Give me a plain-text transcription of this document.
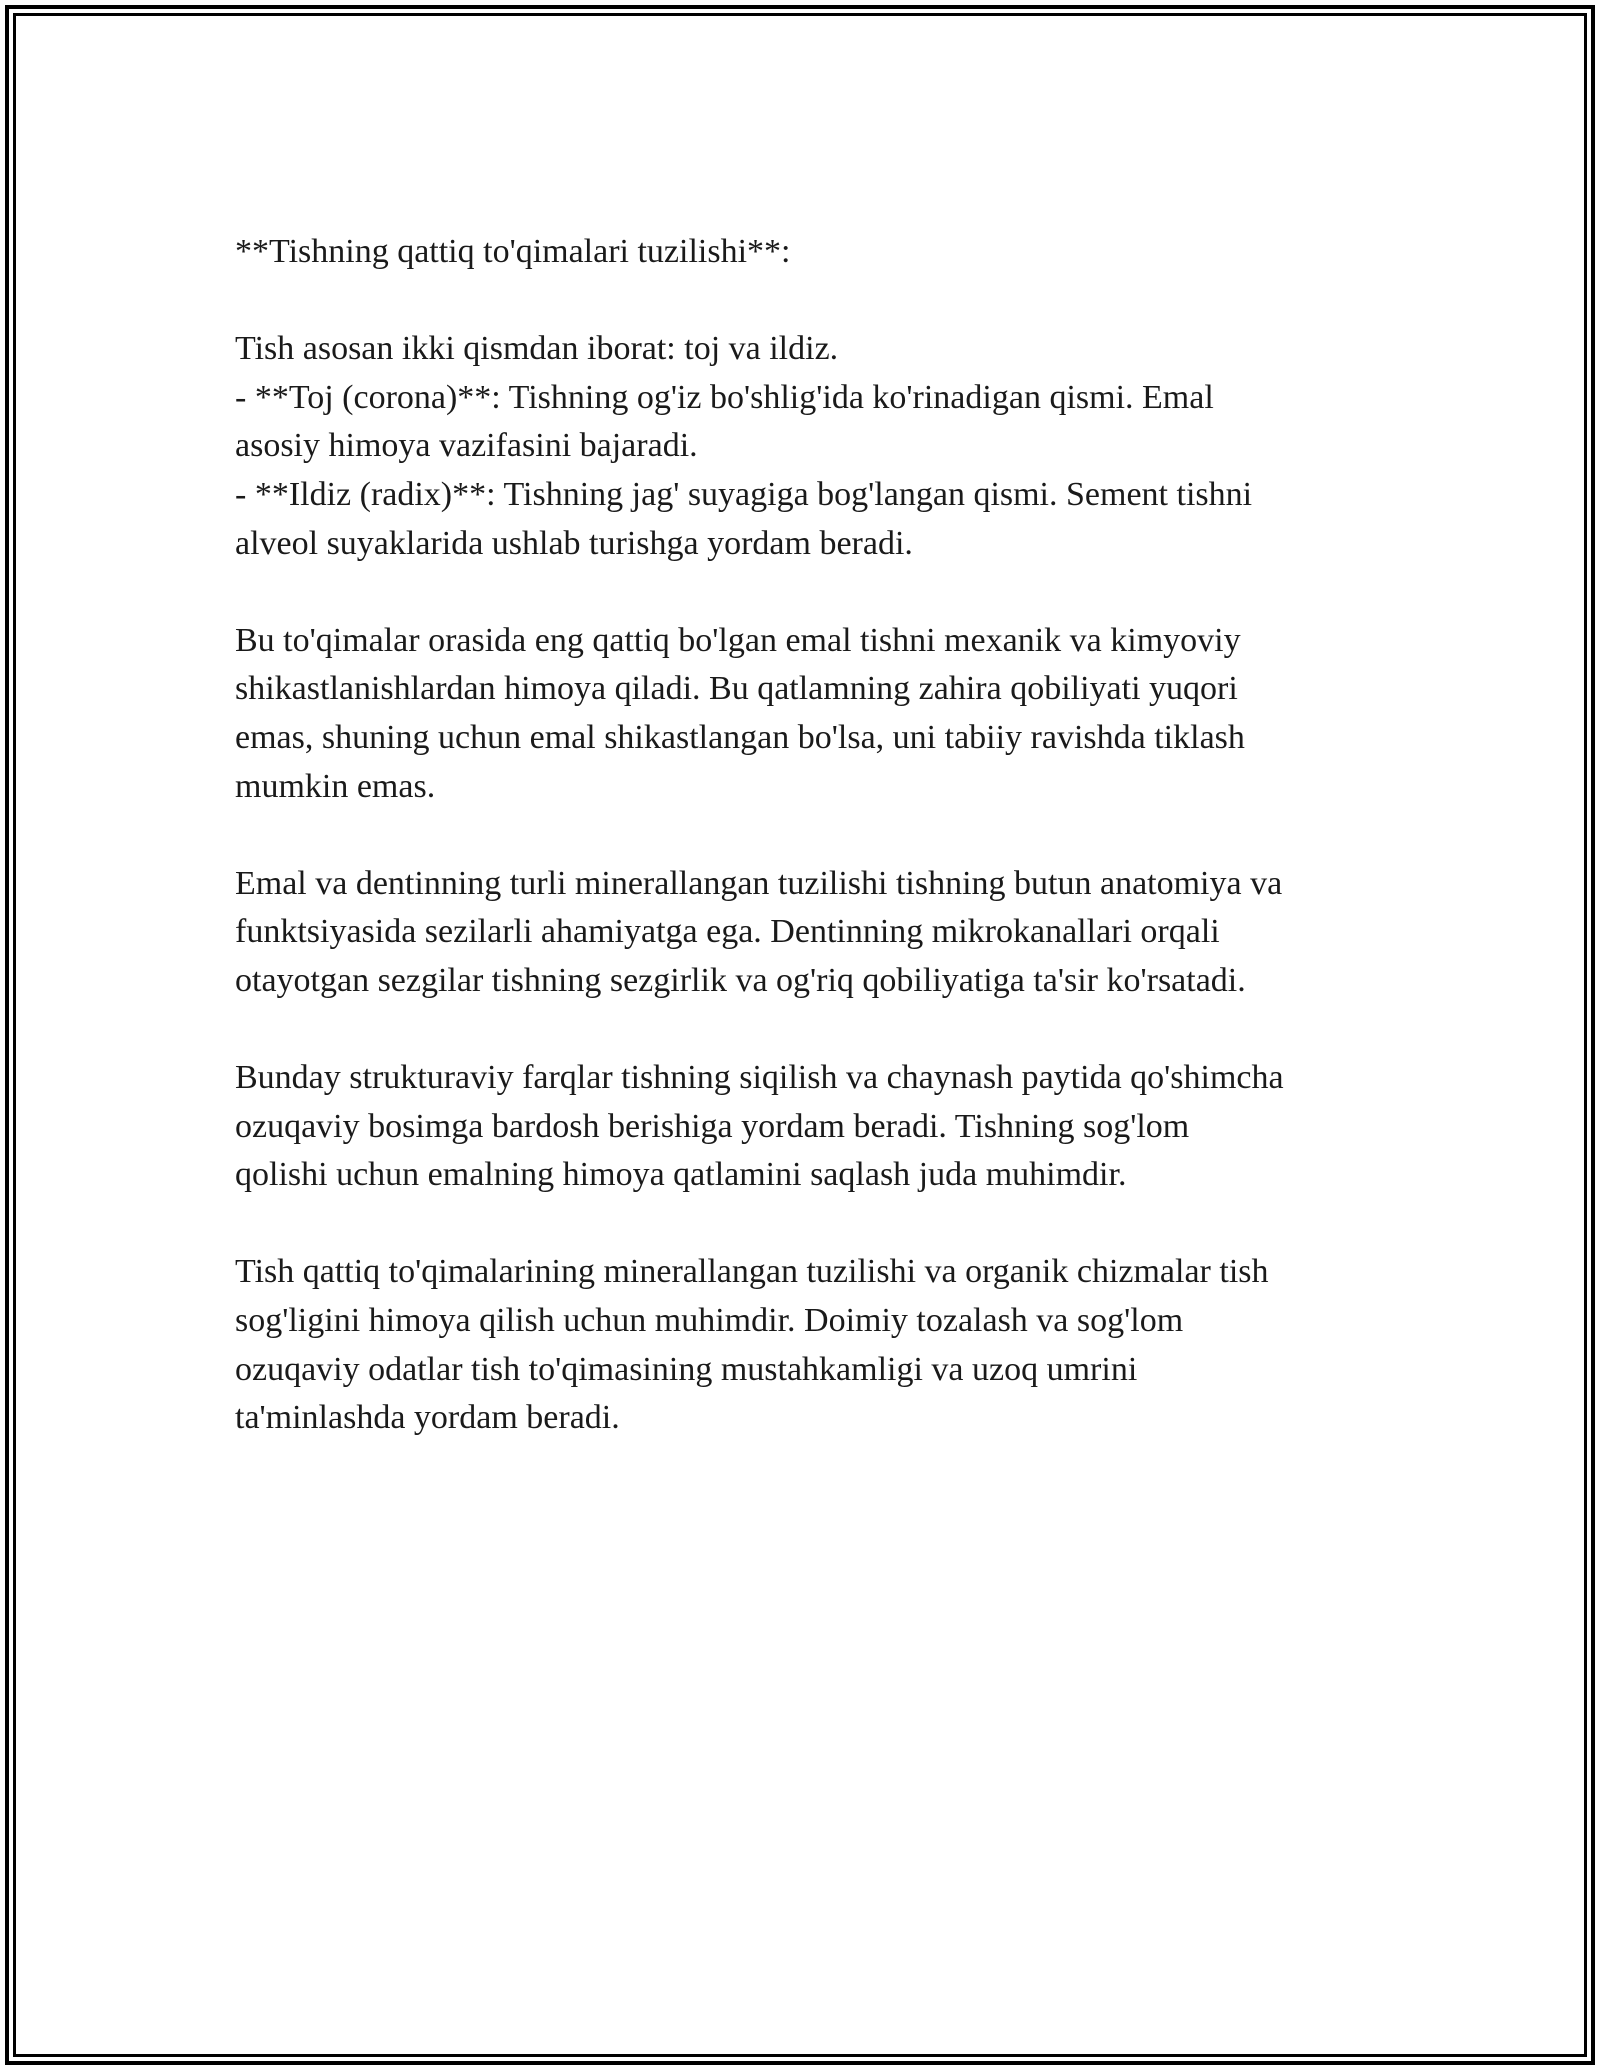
**Tishning qattiq to'qimalari tuzilishi**:
Tish asosan ikki qismdan iborat: toj va ildiz.
- **Toj (corona)**: Tishning og'iz bo'shlig'ida ko'rinadigan qismi. Emal
asosiy himoya vazifasini bajaradi.
- **Ildiz (radix)**: Tishning jag' suyagiga bog'langan qismi. Sement tishni
alveol suyaklarida ushlab turishga yordam beradi.
Bu to'qimalar orasida eng qattiq bo'lgan emal tishni mexanik va kimyoviy
shikastlanishlardan himoya qiladi. Bu qatlamning zahira qobiliyati yuqori
emas, shuning uchun emal shikastlangan bo'lsa, uni tabiiy ravishda tiklash
mumkin emas.
Emal va dentinning turli minerallangan tuzilishi tishning butun anatomiya va
funktsiyasida sezilarli ahamiyatga ega. Dentinning mikrokanallari orqali
otayotgan sezgilar tishning sezgirlik va og'riq qobiliyatiga ta'sir ko'rsatadi.
Bunday strukturaviy farqlar tishning siqilish va chaynash paytida qo'shimcha
ozuqaviy bosimga bardosh berishiga yordam beradi. Tishning sog'lom
qolishi uchun emalning himoya qatlamini saqlash juda muhimdir.
Tish qattiq to'qimalarining minerallangan tuzilishi va organik chizmalar tish
sog'ligini himoya qilish uchun muhimdir. Doimiy tozalash va sog'lom
ozuqaviy odatlar tish to'qimasining mustahkamligi va uzoq umrini
ta'minlashda yordam beradi.
